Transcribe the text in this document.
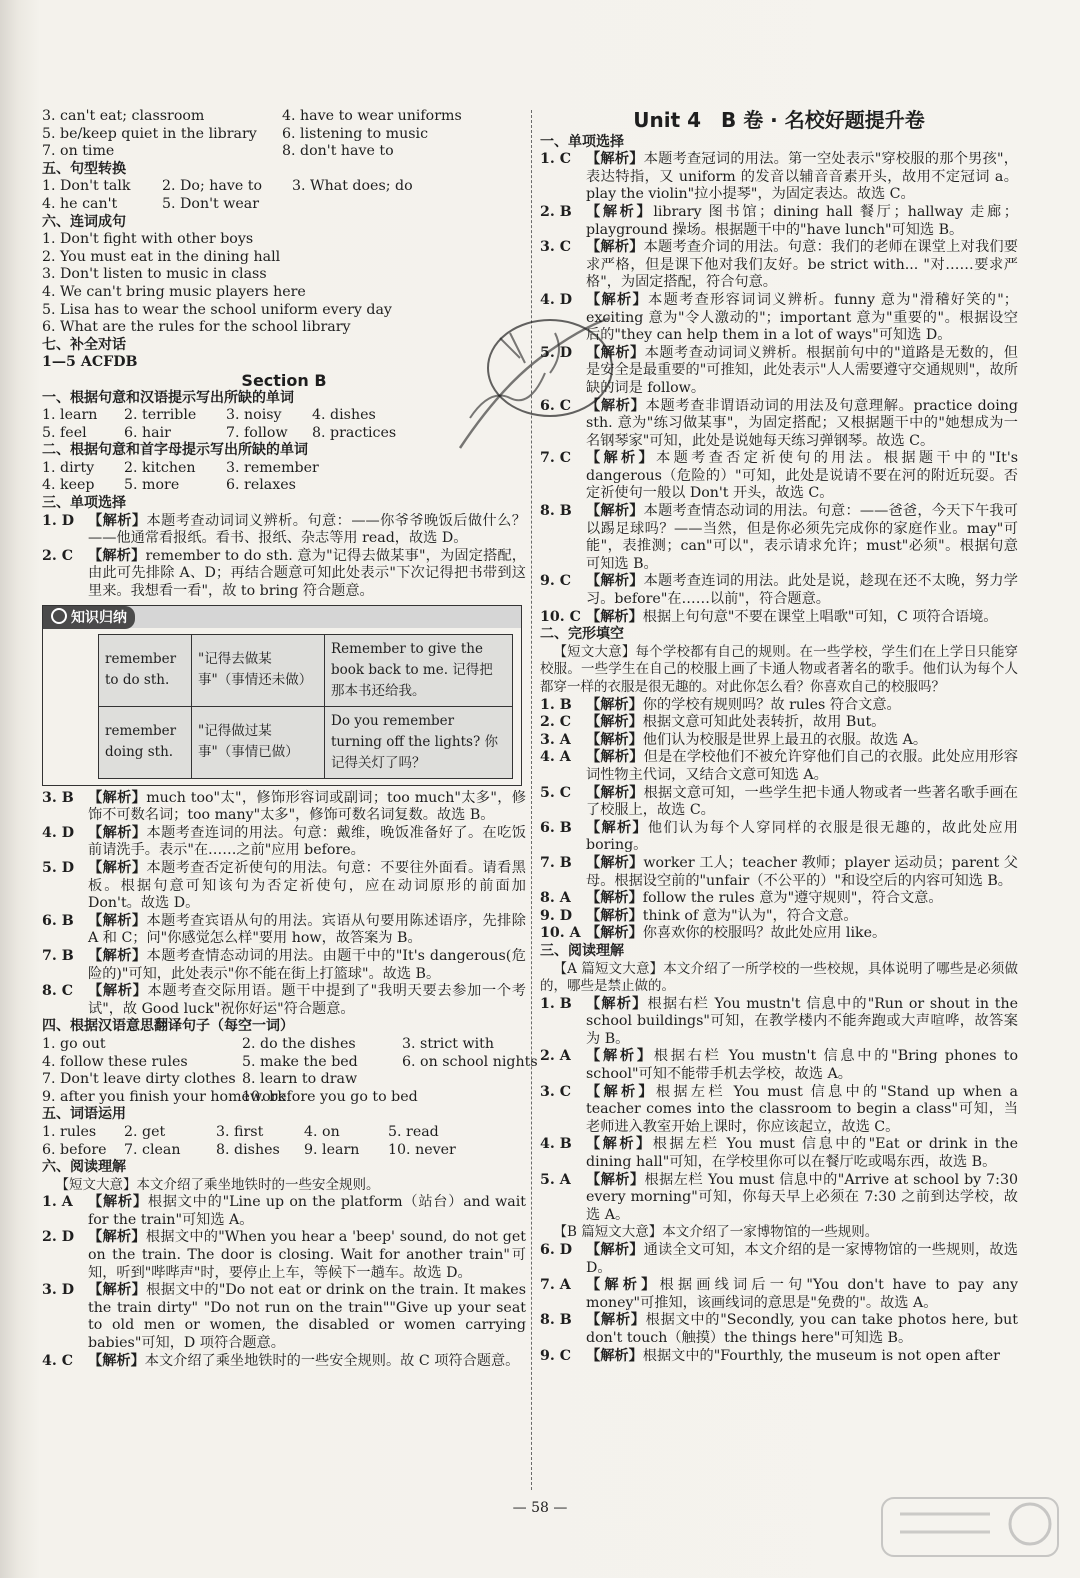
3. can't eat; classroom	4. have to wear uniforms
5. be/keep quiet in the library	6. listening to music
7. on time	8. don't have to
五、句型转换
1. Don't talk	2. Do; have to	3. What does; do
4. he can't	5. Don't wear
六、连词成句
1. Don't fight with other boys
2. You must eat in the dining hall
3. Don't listen to music in class
4. We can't bring music players here
5. Lisa has to wear the school uniform every day
6. What are the rules for the school library
七、补全对话
1—5 ACFDB
Section B
一、根据句意和汉语提示写出所缺的单词
1. learn	2. terrible	3. noisy	4. dishes
5. feel	6. hair	7. follow	8. practices
二、根据句意和首字母提示写出所缺的单词
1. dirty	2. kitchen	3. remember
4. keep	5. more	6. relaxes
三、单项选择
1. D 【解析】本题考查动词词义辨析。句意：——你爷爷晚饭后做什么？——他通常看报纸。看书、报纸、杂志等用 read，故选 D。
2. C	【解析】remember to do sth. 意为"记得去做某事"，为固定搭配，由此可先排除 A、D；再结合题意可知此处表示"下次记得把书带到这里来。我想看一看"，故 to bring 符合题意。
知识归纳
remember to do sth.	"记得去做某事"（事情还未做）	Remember to give the book back to me. 记得把那本书还给我。
remember doing sth.	"记得做过某事"（事情已做）	Do you remember turning off the lights? 你记得关灯了吗？
3. B	【解析】much too"太"，修饰形容词或副词；too much"太多"，修饰不可数名词；too many"太多"，修饰可数名词复数。故选 B。
4. D 【解析】本题考查连词的用法。句意：戴维，晚饭准备好了。在吃饭前请洗手。表示"在……之前"应用 before。
5. D 【解析】本题考查否定祈使句的用法。句意：不要往外面看。请看黑板。根据句意可知该句为否定祈使句，应在动词原形的前面加 Don't。故选 D。
6. B	【解析】本题考查宾语从句的用法。宾语从句要用陈述语序，先排除 A 和 C；问"你感觉怎么样"要用 how，故答案为 B。
7. B	【解析】本题考查情态动词的用法。由题干中的"It's dangerous(危险的)"可知，此处表示"你不能在街上打篮球"。故选 B。
8. C	【解析】本题考查交际用语。题干中提到了"我明天要去参加一个考试"，故 Good luck"祝你好运"符合题意。
四、根据汉语意思翻译句子（每空一词）
1. go out	2. do the dishes	3. strict with
4. follow these rules	5. make the bed	6. on school nights
7. Don't leave dirty clothes 8. learn to draw
9. after you finish your homework
10. before you go to bed
五、词语运用
1. rules	2. get	3. first	4. on	5. read
6. before	7. clean	8. dishes	9. learn	10. never
六、阅读理解
【短文大意】本文介绍了乘坐地铁时的一些安全规则。
1. A	【解析】根据文中的"Line up on the platform（站台）and wait for the train"可知选 A。
2. D 【解析】根据文中的"When you hear a 'beep' sound, do not get on the train. The door is closing. Wait for another train"可知，听到"哔哔声"时，要停止上车，等候下一趟车。故选 D。
3. D 【解析】根据文中的"Do not eat or drink on the train. It makes the train dirty" "Do not run on the train""Give up your seat to old men or women, the disabled or women carrying babies"可知，D 项符合题意。
4. C	【解析】本文介绍了乘坐地铁时的一些安全规则。故 C 项符合题意。
Unit 4　B 卷 · 名校好题提升卷
一、单项选择
1. C	【解析】本题考查冠词的用法。第一空处表示"穿校服的那个男孩"，表达特指，又 uniform 的发音以辅音音素开头，故用不定冠词 a。play the violin"拉小提琴"，为固定表达。故选 C。
2. B	【解析】library 图书馆；dining hall 餐厅；hallway 走廊；playground 操场。根据题干中的"have lunch"可知选 B。
3. C	【解析】本题考查介词的用法。句意：我们的老师在课堂上对我们要求严格，但是课下他对我们友好。be strict with... "对……要求严格"，为固定搭配，符合句意。
4. D 【解析】本题考查形容词词义辨析。funny 意为"滑稽好笑的"；exciting 意为"令人激动的"；important 意为"重要的"。根据设空后的"they can help them in a lot of ways"可知选 D。
5. D 【解析】本题考查动词词义辨析。根据前句中的"道路是无数的，但是安全是最重要的"可推知，此处表示"人人需要遵守交通规则"，故所缺的词是 follow。
6. C	【解析】本题考查非谓语动词的用法及句意理解。practice doing sth. 意为"练习做某事"，为固定搭配；又根据题干中的"她想成为一名钢琴家"可知，此处是说她每天练习弹钢琴。故选 C。
7. C	【解析】本题考查否定祈使句的用法。根据题干中的"It's dangerous（危险的）"可知，此处是说请不要在河的附近玩耍。否定祈使句一般以 Don't 开头，故选 C。
8. B	【解析】本题考查情态动词的用法。句意：——爸爸，今天下午我可以踢足球吗？——当然，但是你必须先完成你的家庭作业。may"可能"，表推测；can"可以"，表示请求允许；must"必须"。根据句意可知选 B。
9. C	【解析】本题考查连词的用法。此处是说，趁现在还不太晚，努力学习。before"在……以前"，符合题意。
10. C 【解析】根据上句句意"不要在课堂上唱歌"可知，C 项符合语境。
二、完形填空
【短文大意】每个学校都有自己的规则。在一些学校，学生们在上学日只能穿校服。一些学生在自己的校服上画了卡通人物或者著名的歌手。他们认为每个人都穿一样的衣服是很无趣的。对此你怎么看？你喜欢自己的校服吗？
1. B	【解析】你的学校有规则吗？故 rules 符合文意。
2. C	【解析】根据文意可知此处表转折，故用 But。
3. A	【解析】他们认为校服是世界上最丑的衣服。故选 A。
4. A	【解析】但是在学校他们不被允许穿他们自己的衣服。此处应用形容词性物主代词，又结合文意可知选 A。
5. C	【解析】根据文意可知，一些学生把卡通人物或者一些著名歌手画在了校服上，故选 C。
6. B	【解析】他们认为每个人穿同样的衣服是很无趣的，故此处应用 boring。
7. B	【解析】worker 工人；teacher 教师；player 运动员；parent 父母。根据设空前的"unfair（不公平的）"和设空后的内容可知选 B。
8. A	【解析】follow the rules 意为"遵守规则"，符合文意。
9. D 【解析】think of 意为"认为"，符合文意。
10. A 【解析】你喜欢你的校服吗？故此处应用 like。
三、阅读理解
【A 篇短文大意】本文介绍了一所学校的一些校规，具体说明了哪些是必须做的，哪些是禁止做的。
1. B	【解析】根据右栏 You mustn't 信息中的"Run or shout in the school buildings"可知，在教学楼内不能奔跑或大声喧哗，故答案为 B。
2. A	【解析】根据右栏 You mustn't 信息中的"Bring phones to school"可知不能带手机去学校，故选 A。
3. C	【解析】根据左栏 You must 信息中的"Stand up when a teacher comes into the classroom to begin a class"可知，当老师进入教室开始上课时，你应该起立，故选 C。
4. B	【解析】根据左栏 You must 信息中的"Eat or drink in the dining hall"可知，在学校里你可以在餐厅吃或喝东西，故选 B。
5. A	【解析】根据左栏 You must 信息中的"Arrive at school by 7:30 every morning"可知，你每天早上必须在 7:30 之前到达学校，故选 A。
【B 篇短文大意】本文介绍了一家博物馆的一些规则。
6. D 【解析】通读全文可知，本文介绍的是一家博物馆的一些规则，故选 D。
7. A	【解析】根据画线词后一句"You don't have to pay any money"可推知，该画线词的意思是"免费的"。故选 A。
8. B	【解析】根据文中的"Secondly, you can take photos here, but don't touch（触摸）the things here"可知选 B。
9. C	【解析】根据文中的"Fourthly, the museum is not open after
— 58 —
